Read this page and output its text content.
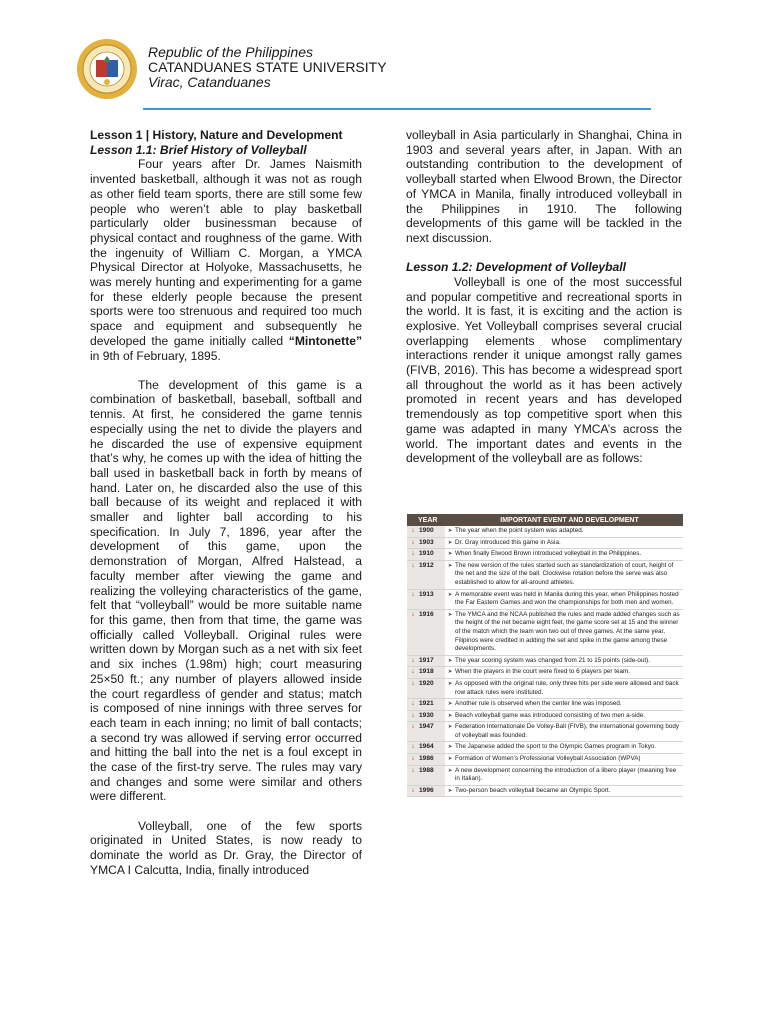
Republic of the Philippines
CATANDUANES STATE UNIVERSITY
Virac, Catanduanes

Lesson 1 | History, Nature and Development

Lesson 1.1: Brief History of Volleyball

Four years after Dr. James Naismith invented basketball, although it was not as rough as other field team sports, there are still some few people who weren’t able to play basketball particularly older businessman because of physical contact and roughness of the game. With the ingenuity of William C. Morgan, a YMCA Physical Director at Holyoke, Massachusetts, he was merely hunting and experimenting for a game for these elderly people because the present sports were too strenuous and required too much space and equipment and subsequently he developed the game initially called “Mintonette” in 9th of February, 1895.

The development of this game is a combination of basketball, baseball, softball and tennis. At first, he considered the game tennis especially using the net to divide the players and he discarded the use of expensive equipment that’s why, he comes up with the idea of hitting the ball used in basketball back in forth by means of hand. Later on, he discarded also the use of this ball because of its weight and replaced it with smaller and lighter ball according to his specification. In July 7, 1896, year after the development of this game, upon the demonstration of Morgan, Alfred Halstead, a faculty member after viewing the game and realizing the volleying characteristics of the game, felt that “volleyball” would be more suitable name for this game, then from that time, the game was officially called Volleyball. Original rules were written down by Morgan such as a net with six feet and six inches (1.98m) high; court measuring 25×50 ft.; any number of players allowed inside the court regardless of gender and status; match is composed of nine innings with three serves for each team in each inning; no limit of ball contacts; a second try was allowed if serving error occurred and hitting the ball into the net is a foul except in the case of the first-try serve. The rules may vary and changes and some were similar and others were different.

Volleyball, one of the few sports originated in United States, is now ready to dominate the world as Dr. Gray, the Director of YMCA I Calcutta, India, finally introduced

volleyball in Asia particularly in Shanghai, China in 1903 and several years after, in Japan. With an outstanding contribution to the development of volleyball started when Elwood Brown, the Director of YMCA in Manila, finally introduced volleyball in the Philippines in 1910. The following developments of this game will be tackled in the next discussion.

Lesson 1.2: Development of Volleyball

Volleyball is one of the most successful and popular competitive and recreational sports in the world. It is fast, it is exciting and the action is explosive. Yet Volleyball comprises several crucial overlapping elements whose complimentary interactions render it unique amongst rally games (FIVB, 2016). This has become a widespread sport all throughout the world as it has been actively promoted in recent years and has developed tremendously as top competitive sport when this game was adapted in many YMCA’s across the world. The important dates and events in the development of the volleyball are as follows:

YEAR	IMPORTANT EVENT AND DEVELOPMENT
↓ 1900	➤ The year when the point system was adapted.
↓ 1903	➤ Dr. Gray introduced this game in Asia.
↓ 1910	➤ When finally Elwood Brown introduced volleyball in the Philippines.
↓ 1912	➤ The new version of the rules started such as standardization of court, height of the net and the size of the ball. Clockwise rotation before the serve was also established to allow for all-around athletes.
↓ 1913	➤ A memorable event was held in Manila during this year, when Philippines hosted the Far Eastern Games and won the championships for both men and women.
↓ 1916	➤ The YMCA and the NCAA published the rules and made added changes such as the height of the net became eight feet, the game score set at 15 and the winner of the match which the team won two out of three games. At the same year, Filipinos were credited in adding the set and spike in the game among these developments.
↓ 1917	➤ The year scoring system was changed from 21 to 15 points (side-out).
↓ 1918	➤ When the players in the court were fixed to 6 players per team.
↓ 1920	➤ As opposed with the original rule, only three hits per side were allowed and back row attack rules were instituted.
↓ 1921	➤ Another rule is observed when the center line was imposed.
↓ 1930	➤ Beach volleyball game was introduced consisting of two men a-side.
↓ 1947	➤ Federation Internationale De Volley-Ball (FIVB), the international governing body of volleyball was founded.
↓ 1964	➤ The Japanese added the sport to the Olympic Games program in Tokyo.
↓ 1986	➤ Formation of Women’s Professional Volleyball Association (WPVA)
↓ 1988	➤ A new development concerning the introduction of a libero player (meaning free in Italian).
↓ 1996	➤ Two-person beach volleyball became an Olympic Sport.
